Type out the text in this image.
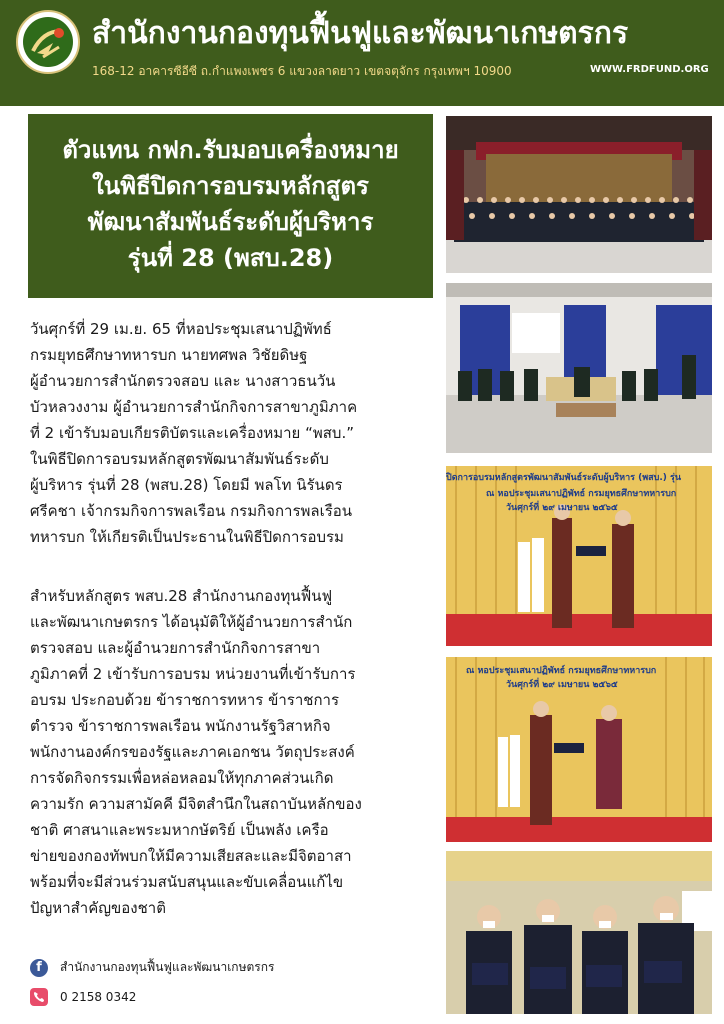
สำนักงานกองทุนฟื้นฟูและพัฒนาเกษตรกร
168-12 อาคารซีอีซี ถ.กำแพงเพชร 6 แขวงลาดยาว เขตจตุจักร กรุงเทพฯ 10900	WWW.FRDFUND.ORG
ตัวแทน กฟก.รับมอบเครื่องหมาย
ในพิธีปิดการอบรมหลักสูตร
พัฒนาสัมพันธ์ระดับผู้บริหาร
รุ่นที่ 28 (พสบ.28)
วันศุกร์ที่ 29 เม.ย. 65 ที่หอประชุมเสนาปฏิพัทธ์
กรมยุทธศึกษาทหารบก นายทศพล วิชัยดิษฐ
ผู้อำนวยการสำนักตรวจสอบ และ นางสาวธนวัน
บัวหลวงงาม ผู้อำนวยการสำนักกิจการสาขาภูมิภาค
ที่ 2 เข้ารับมอบเกียรติบัตรและเครื่องหมาย “พสบ.”
ในพิธีปิดการอบรมหลักสูตรพัฒนาสัมพันธ์ระดับ
ผู้บริหาร รุ่นที่ 28 (พสบ.28) โดยมี พลโท นิรันดร
ศรีคชา เจ้ากรมกิจการพลเรือน กรมกิจการพลเรือน
ทหารบก ให้เกียรติเป็นประธานในพิธีปิดการอบรม
สำหรับหลักสูตร พสบ.28 สำนักงานกองทุนฟื้นฟู
และพัฒนาเกษตรกร ได้อนุมัติให้ผู้อำนวยการสำนัก
ตรวจสอบ และผู้อำนวยการสำนักกิจการสาขา
ภูมิภาคที่ 2 เข้ารับการอบรม หน่วยงานที่เข้ารับการ
อบรม ประกอบด้วย ข้าราชการทหาร ข้าราชการ
ตำรวจ ข้าราชการพลเรือน พนักงานรัฐวิสาหกิจ
พนักงานองค์กรของรัฐและภาคเอกชน วัตถุประสงค์
การจัดกิจกรรมเพื่อหล่อหลอมให้ทุกภาคส่วนเกิด
ความรัก ความสามัคคี มีจิตสำนึกในสถาบันหลักของ
ชาติ ศาสนาและพระมหากษัตริย์ เป็นพลัง เครือ
ข่ายของกองทัพบกให้มีความเสียสละและมีจิตอาสา
พร้อมที่จะมีส่วนร่วมสนับสนุนและขับเคลื่อนแก้ไข
ปัญหาสำคัญของชาติ
f	สำนักงานกองทุนฟื้นฟูและพัฒนาเกษตรกร
0 2158 0342
ปิดการอบรมหลักสูตรพัฒนาสัมพันธ์ระดับผู้บริหาร (พสบ.) รุ่น
ณ หอประชุมเสนาปฏิพัทธ์ กรมยุทธศึกษาทหารบก
วันศุกร์ที่ ๒๙ เมษายน ๒๕๖๕
ณ หอประชุมเสนาปฏิพัทธ์ กรมยุทธศึกษาทหารบก
วันศุกร์ที่ ๒๙ เมษายน ๒๕๖๕
